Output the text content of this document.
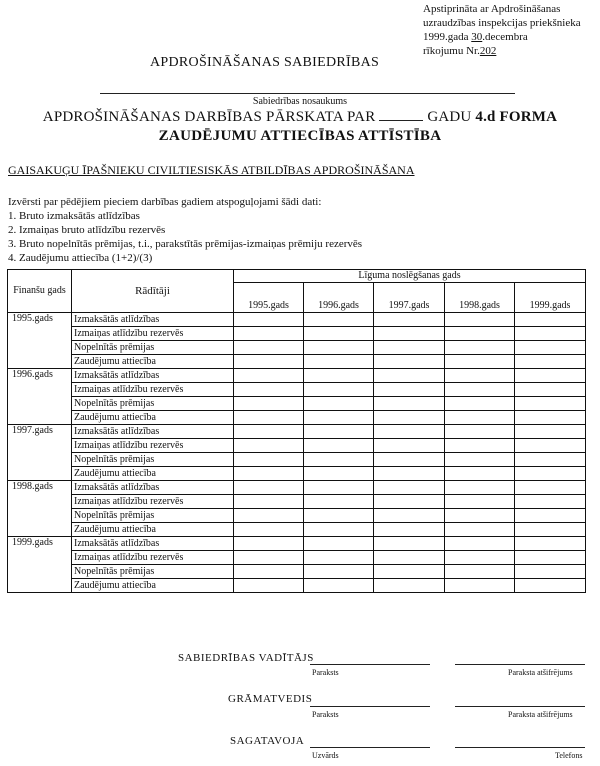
Apstiprināta ar Apdrošināšanas
uzraudzības inspekcijas priekšnieka
1999.gada 30.decembra
rīkojumu Nr.202
APDROŠINĀŠANAS SABIEDRĪBAS
Sabiedrības nosaukums
APDROŠINĀŠANAS DARBĪBAS PĀRSKATA PAR	GADU 4.d FORMA
ZAUDĒJUMU ATTIECĪBAS ATTĪSTĪBA
GAISAKUĢU ĪPAŠNIEKU CIVILTIESISKĀS ATBILDĪBAS APDROŠINĀŠANA
Izvērsti par pēdējiem pieciem darbības gadiem atspoguļojami šādi dati:
1. Bruto izmaksātās atlīdzības
2. Izmaiņas bruto atlīdzību rezervēs
3. Bruto nopelnītās prēmijas, t.i., parakstītās prēmijas-izmaiņas prēmiju rezervēs
4. Zaudējumu attiecība (1+2)/(3)
Finanšu gads	Rādītāji	Līguma noslēgšanas gads				
		1995.gads	1996.gads	1997.gads	1998.gads	1999.gads
1995.gads	Izmaksātās atlīdzības					
	Izmaiņas atlīdzību rezervēs					
	Nopelnītās prēmijas					
	Zaudējumu attiecība					
1996.gads	Izmaksātās atlīdzības					
	Izmaiņas atlīdzību rezervēs					
	Nopelnītās prēmijas					
	Zaudējumu attiecība					
1997.gads	Izmaksātās atlīdzības					
	Izmaiņas atlīdzību rezervēs					
	Nopelnītās prēmijas					
	Zaudējumu attiecība					
1998.gads	Izmaksātās atlīdzības					
	Izmaiņas atlīdzību rezervēs					
	Nopelnītās prēmijas					
	Zaudējumu attiecība					
1999.gads	Izmaksātās atlīdzības					
	Izmaiņas atlīdzību rezervēs					
	Nopelnītās prēmijas					
	Zaudējumu attiecība					
SABIEDRĪBAS VADĪTĀJS
Paraksts	Paraksta atšifrējums
GRĀMATVEDIS
Paraksts	Paraksta atšifrējums
SAGATAVOJA
Uzvārds	Telefons
